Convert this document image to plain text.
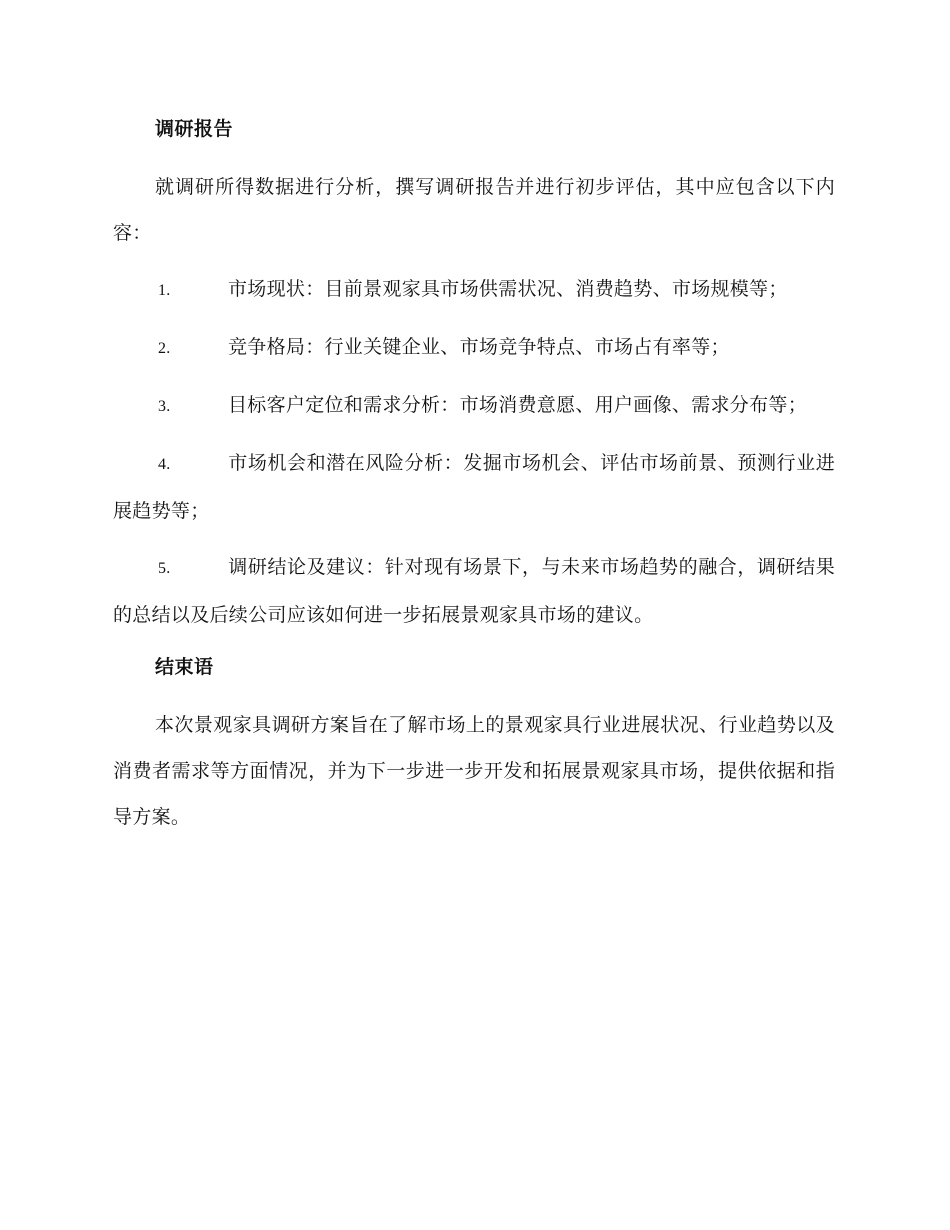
调研报告

就调研所得数据进行分析，撰写调研报告并进行初步评估，其中应包含以下内容：

1.	市场现状：目前景观家具市场供需状况、消费趋势、市场规模等；

2.	竞争格局：行业关键企业、市场竞争特点、市场占有率等；

3.	目标客户定位和需求分析：市场消费意愿、用户画像、需求分布等；

4.	市场机会和潜在风险分析：发掘市场机会、评估市场前景、预测行业进展趋势等；

5.	调研结论及建议：针对现有场景下，与未来市场趋势的融合，调研结果的总结以及后续公司应该如何进一步拓展景观家具市场的建议。

结束语

本次景观家具调研方案旨在了解市场上的景观家具行业进展状况、行业趋势以及消费者需求等方面情况，并为下一步进一步开发和拓展景观家具市场，提供依据和指导方案。
